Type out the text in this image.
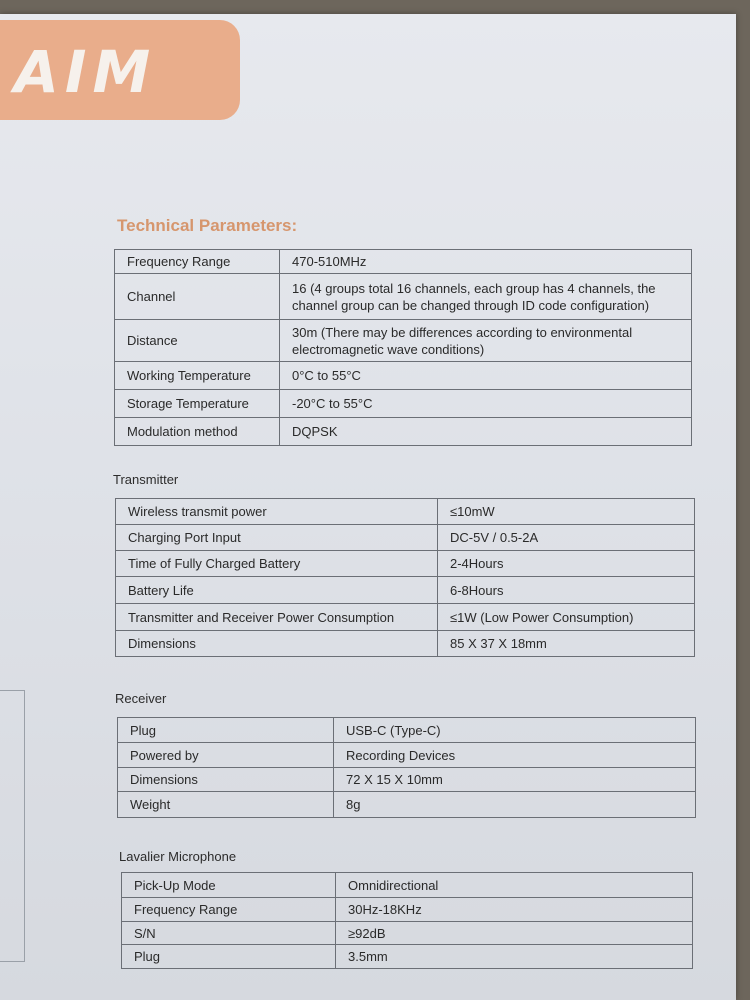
AIM
Technical Parameters:
Frequency Range	470-510MHz
Channel	16 (4 groups total 16 channels, each group has 4 channels, the channel group can be changed through ID code configuration)
Distance	30m (There may be differences according to environmental electromagnetic wave conditions)
Working Temperature	0°C to 55°C
Storage Temperature	-20°C to 55°C
Modulation method	DQPSK
Transmitter
Wireless transmit power	≤10mW
Charging Port Input	DC-5V / 0.5-2A
Time of Fully Charged Battery	2-4Hours
Battery Life	6-8Hours
Transmitter and Receiver Power Consumption	≤1W (Low Power Consumption)
Dimensions	85 X 37 X 18mm
Receiver
Plug	USB-C (Type-C)
Powered by	Recording Devices
Dimensions	72 X 15 X 10mm
Weight	8g
Lavalier Microphone
Pick-Up Mode	Omnidirectional
Frequency Range	30Hz-18KHz
S/N	≥92dB
Plug	3.5mm
